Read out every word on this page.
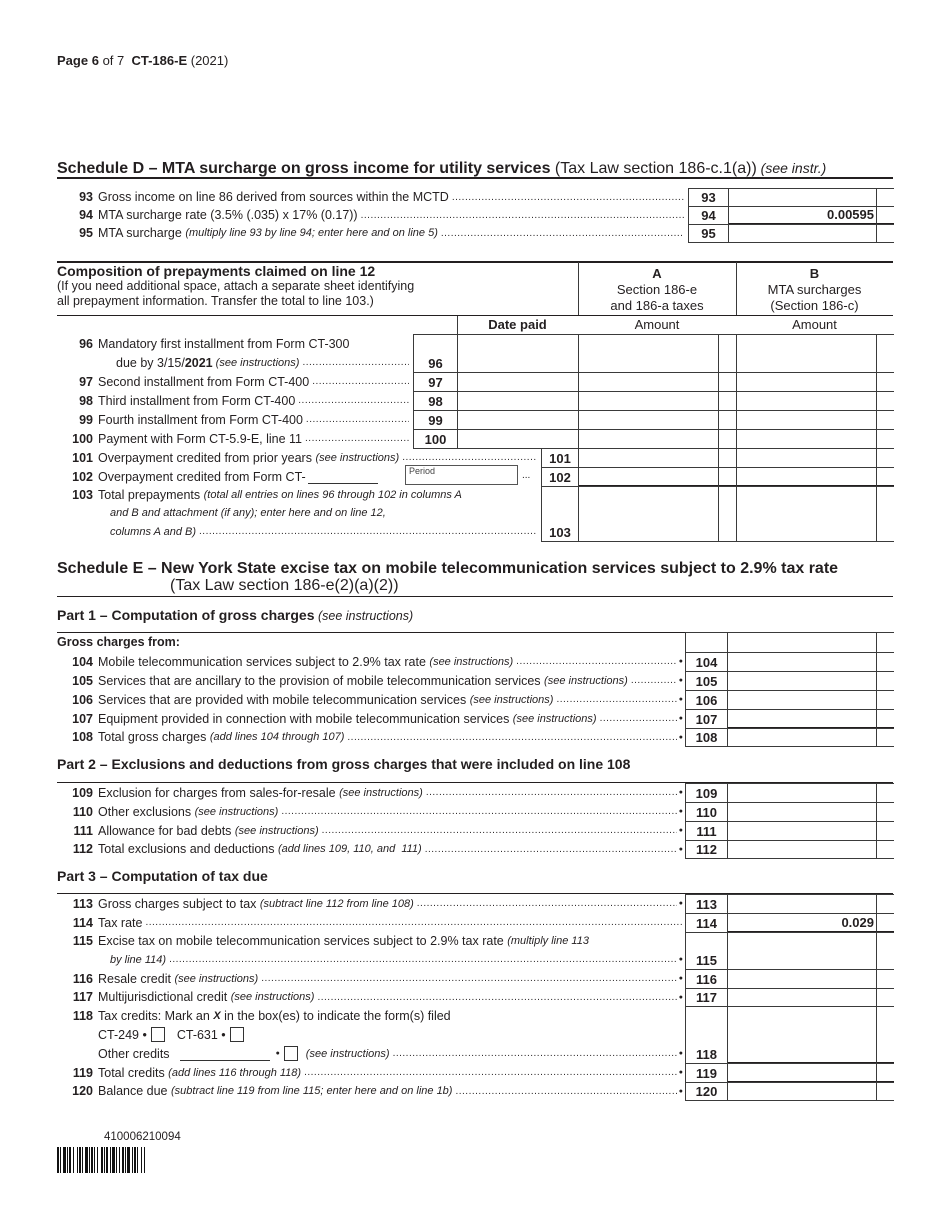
Page 6 of 7 CT-186-E (2021)
Schedule D – MTA surcharge on gross income for utility services (Tax Law section 186-c.1(a)) (see instr.)
Composition of prepayments claimed on line 12
(If you need additional space, attach a separate sheet identifying
all prepayment information. Transfer the total to line 103.)
A
Section 186-e
and 186-a taxes
B
MTA surcharges
(Section 186-c)
Date paid	Amount	Amount
Schedule E – New York State excise tax on mobile telecommunication services subject to 2.9% tax rate
(Tax Law section 186-e(2)(a)(2))
Part 1 – Computation of gross charges (see instructions)
Gross charges from:
Part 2 – Exclusions and deductions from gross charges that were included on line 108
Part 3 – Computation of tax due
93 Gross income on line 86 derived from sources within the MCTD .....	93
94 MTA surcharge rate (3.5% (.035) x 17% (0.17)) .....	94	0.00595
95 MTA surcharge (multiply line 93 by line 94; enter here and on line 5) .....	95
96 Mandatory first installment from Form CT-300
due by 3/15/ 2021 (see instructions) .....	96
97 Second installment from Form CT-400 .....	97
98 Third installment from Form CT-400 .....	98
99 Fourth installment from Form CT-400 .....	99
100 Payment with Form CT-5.9-E, line 11 .....	100
101 Overpayment credited from prior years (see instructions) .....	101
102 Overpayment credited from Form CT-	102
Period	...
103 Total prepayments (total all entries on lines 96 through 102 in columns A
and B and attachment (if any); enter here and on line 12,
columns A and B) .....	103
104 Mobile telecommunication services subject to 2.9% tax rate (see instructions) .....	● 104
105 Services that are ancillary to the provision of mobile telecommunication services (see instructions) .....	● 105
106 Services that are provided with mobile telecommunication services (see instructions) .....	● 106
107 Equipment provided in connection with mobile telecommunication services (see instructions) .....	● 107
108 Total gross charges (add lines 104 through 107) .....	● 108
109 Exclusion for charges from sales-for-resale (see instructions) .....	● 109
110 Other exclusions (see instructions) .....	●	110
111 Allowance for bad debts (see instructions) .....	●	111
112 Total exclusions and deductions (add lines 109, 110, and  111) .....	●	112
113 Gross charges subject to tax (subtract line 112 from line 108) .....	●	113
114 Tax rate .....	114	0.029
115 Excise tax on mobile telecommunication services subject to 2.9% tax rate (multiply line 113
by line 114) .....	●	115
116 Resale credit (see instructions) .....	●	116
117 Multijurisdictional credit (see instructions) .....	●	117
118 Tax credits: Mark an X in the box(es) to indicate the form(s) filed
CT-249 • CT-631 •
Other credits	● (see instructions) .....	●	118
119 Total credits (add lines 116 through 118) .....	●	119
120 Balance due (subtract line 119 from line 115; enter here and on line 1b) .....	● 120
410006210094
